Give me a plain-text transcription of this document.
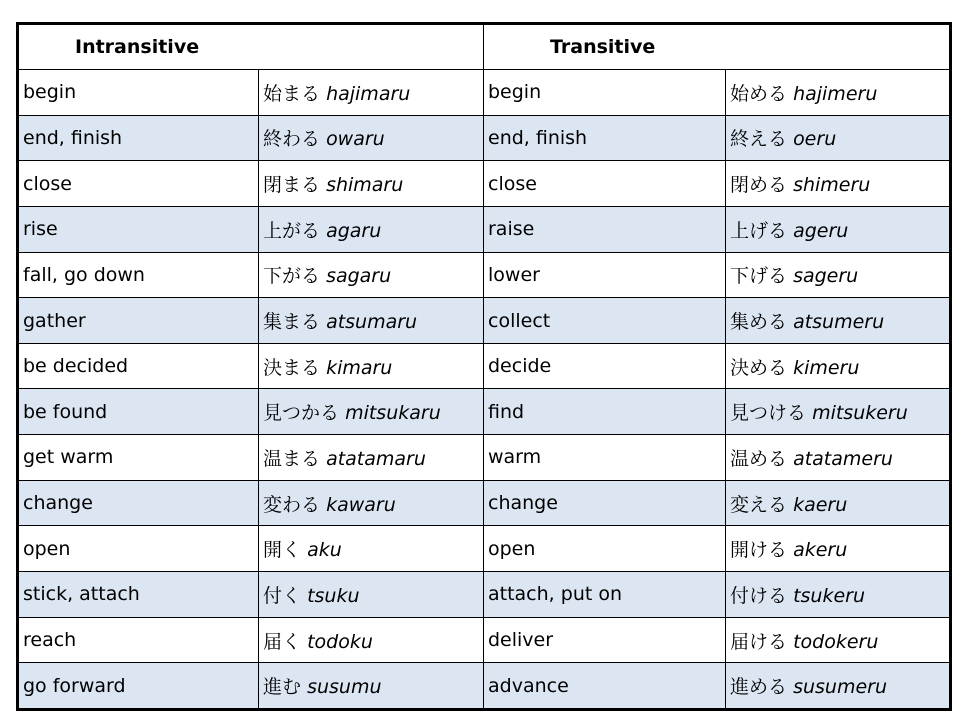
Intransitive		Transitive	
begin	始まる hajimaru	begin	始める hajimeru
end, finish	終わる owaru	end, finish	終える oeru
close	閉まる shimaru	close	閉める shimeru
rise	上がる agaru	raise	上げる ageru
fall, go down	下がる sagaru	lower	下げる sageru
gather	集まる atsumaru	collect	集める atsumeru
be decided	決まる kimaru	decide	決める kimeru
be found	見つかる mitsukaru	find	見つける mitsukeru
get warm	温まる atatamaru	warm	温める atatameru
change	変わる kawaru	change	変える kaeru
open	開く aku	open	開ける akeru
stick, attach	付く tsuku	attach, put on	付ける tsukeru
reach	届く todoku	deliver	届ける todokeru
go forward	進む susumu	advance	進める susumeru
